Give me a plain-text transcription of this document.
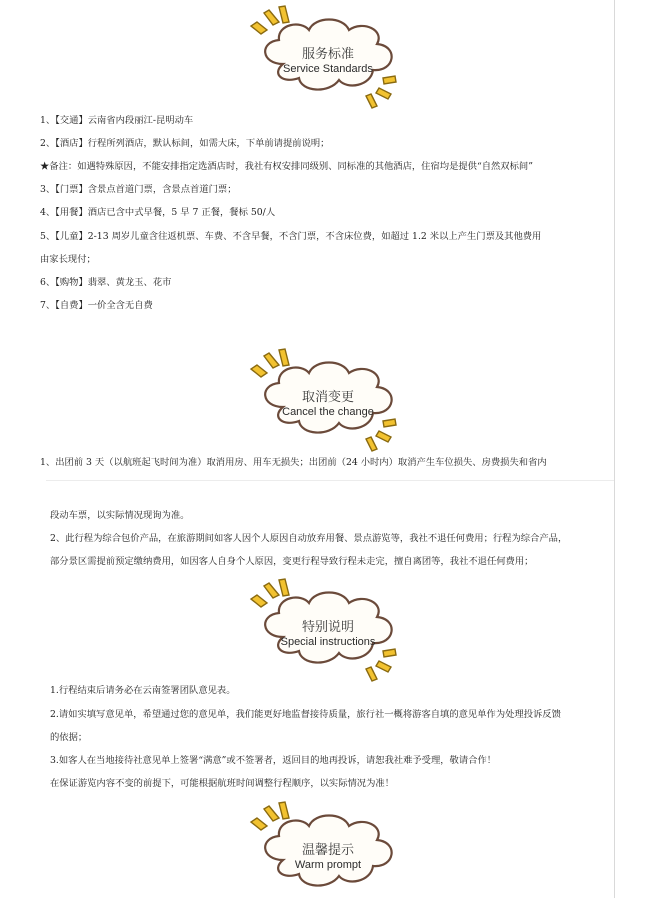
服务标准
Service Standards
1、【交通】云南省内段丽江-昆明动车
2、【酒店】行程所列酒店，默认标间，如需大床，下单前请提前说明；
★备注：如遇特殊原因，不能安排指定选酒店时，我社有权安排同级别、同标准的其他酒店，住宿均是提供“自然双标间”
3、【门票】含景点首道门票，含景点首道门票；
4、【用餐】酒店已含中式早餐，5 早 7 正餐，餐标 50/人
5、【儿童】2-13 周岁儿童含往返机票、车费、不含早餐，不含门票，不含床位费，如超过 1.2 米以上产生门票及其他费用
由家长现付；
6、【购物】翡翠、黄龙玉、花市
7、【自费】一价全含无自费
取消变更
Cancel the change
1、出团前 3 天（以航班起飞时间为准）取消用房、用车无损失；出团前（24 小时内）取消产生车位损失、房费损失和省内
段动车票，以实际情况现询为准。
2、此行程为综合包价产品，在旅游期间如客人因个人原因自动放弃用餐、景点游览等，我社不退任何费用；行程为综合产品，
部分景区需提前预定缴纳费用，如因客人自身个人原因，变更行程导致行程未走完，擅自离团等，我社不退任何费用；
特别说明
Special instructions
1.行程结束后请务必在云南签署团队意见表。
2.请如实填写意见单，希望通过您的意见单，我们能更好地监督接待质量，旅行社一概将游客自填的意见单作为处理投诉反馈
的依据；
3.如客人在当地接待社意见单上签署“满意”或不签署者，返回目的地再投诉，请恕我社难予受理，敬请合作！
在保证游览内容不变的前提下，可能根据航班时间调整行程顺序，以实际情况为准！
温馨提示
Warm prompt
